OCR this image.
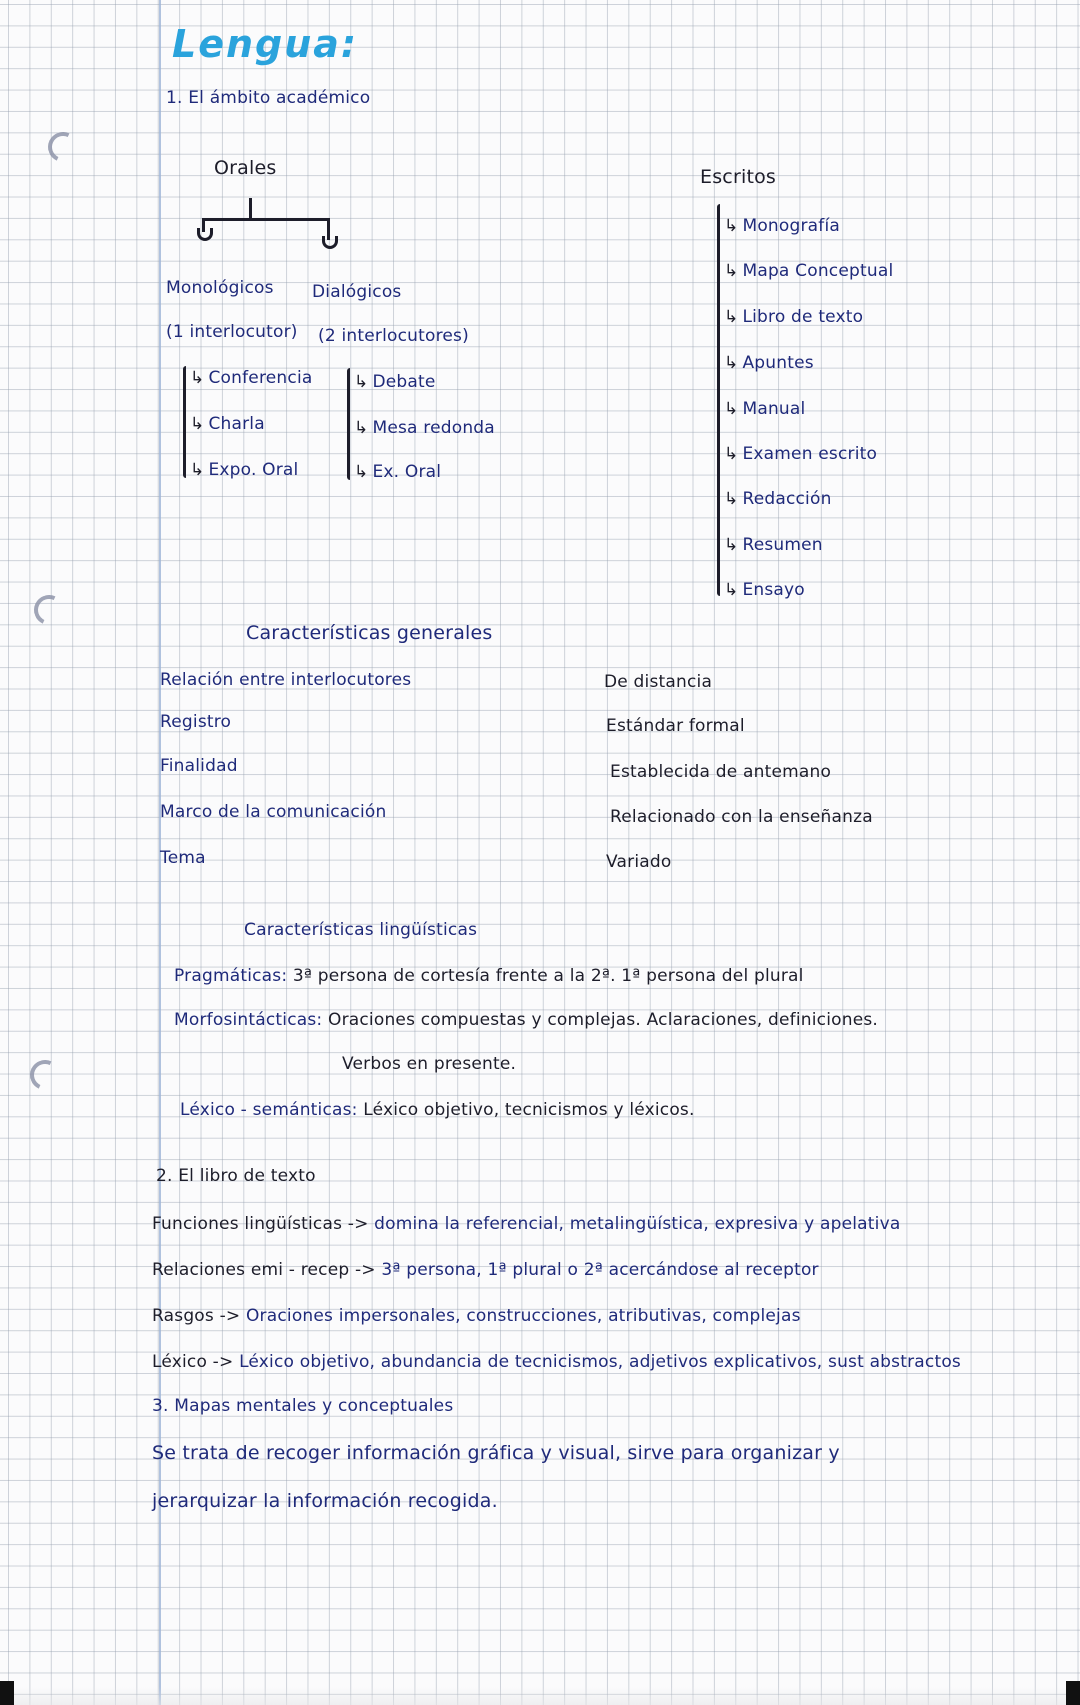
Lengua:
1. El ámbito académico
Orales
Monológicos Dialógicos
(1 interlocutor) (2 interlocutores)
↳ Conferencia
↳ Charla
↳ Expo. Oral
↳ Debate
↳ Mesa redonda
↳ Ex. Oral
Escritos
↳ Monografía
↳ Mapa Conceptual
↳ Libro de texto
↳ Apuntes
↳ Manual
↳ Examen escrito
↳ Redacción
↳ Resumen
↳ Ensayo
Características generales
Relación entre interlocutores	De distancia
Registro	Estándar formal
Finalidad	Establecida de antemano
Marco de la comunicación	Relacionado con la enseñanza
Tema	Variado
Características lingüísticas
Pragmáticas: 3ª persona de cortesía frente a la 2ª. 1ª persona del plural
Morfosintácticas: Oraciones compuestas y complejas. Aclaraciones, definiciones.
Verbos en presente.
Léxico - semánticas: Léxico objetivo, tecnicismos y léxicos.
2. El libro de texto
Funciones lingüísticas -> domina la referencial, metalingüística, expresiva y apelativa
Relaciones emi - recep -> 3ª persona, 1ª plural o 2ª acercándose al receptor
Rasgos -> Oraciones impersonales, construcciones, atributivas, complejas
Léxico -> Léxico objetivo, abundancia de tecnicismos, adjetivos explicativos, sust abstractos
3. Mapas mentales y conceptuales
Se trata de recoger información gráfica y visual, sirve para organizar y
jerarquizar la información recogida.
